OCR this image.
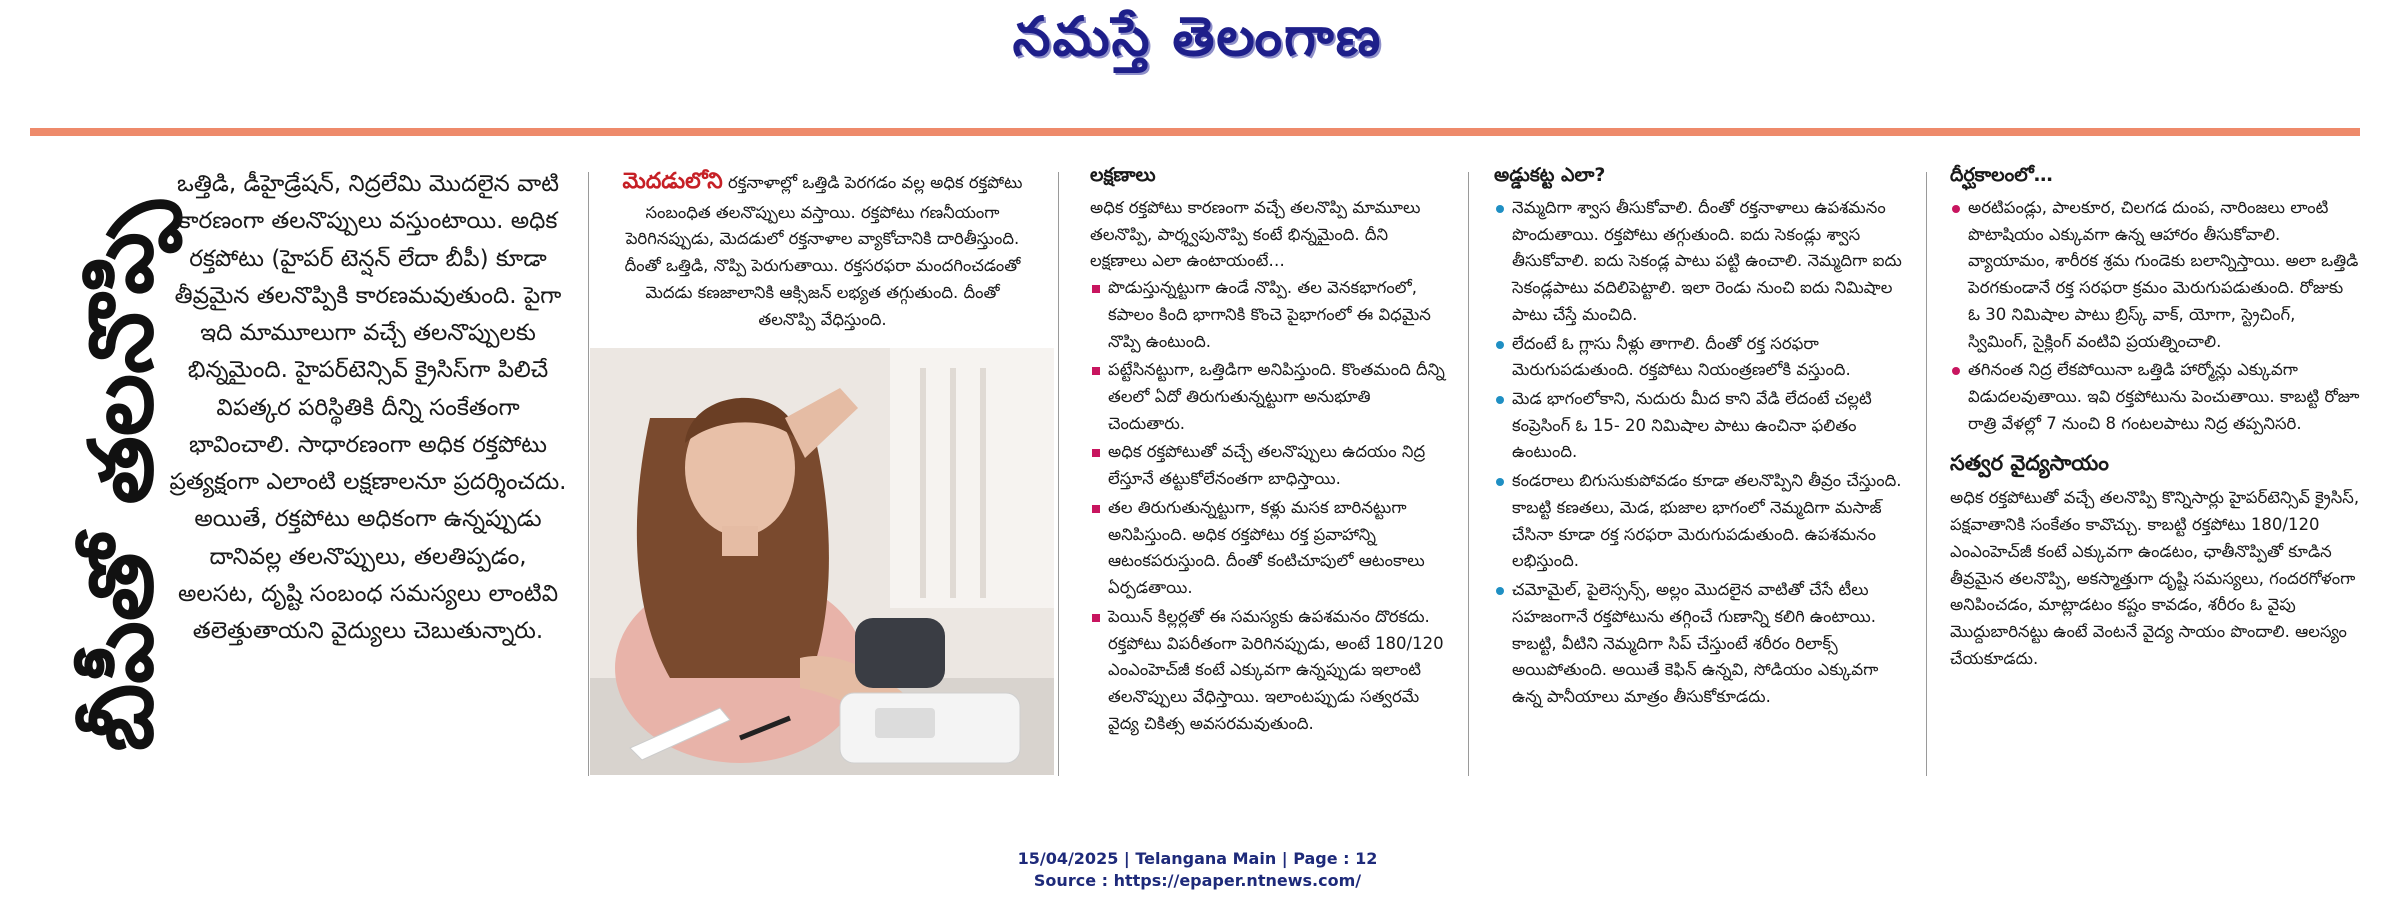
నమస్తే తెలంగాణ
బీపీతో తలనొప్పి
ఒత్తిడి, డీహైడ్రేషన్, నిద్రలేమి మొదలైన వాటి కారణంగా తలనొప్పులు వస్తుంటాయి. అధిక రక్తపోటు (హైపర్ టెన్షన్ లేదా బీపీ) కూడా తీవ్రమైన తలనొప్పికి కారణమవుతుంది. పైగా ఇది మామూలుగా వచ్చే తలనొప్పులకు భిన్నమైంది. హైపర్‌టెన్సివ్ క్రైసిస్‌గా పిలిచే విపత్కర పరిస్థితికి దీన్ని సంకేతంగా భావించాలి. సాధారణంగా అధిక రక్తపోటు ప్రత్యక్షంగా ఎలాంటి లక్షణాలనూ ప్రదర్శించదు. అయితే, రక్తపోటు అధికంగా ఉన్నప్పుడు దానివల్ల తలనొప్పులు, తలతిప్పడం, అలసట, దృష్టి సంబంధ సమస్యలు లాంటివి తలెత్తుతాయని వైద్యులు చెబుతున్నారు.
మెదడులోని రక్తనాళాల్లో ఒత్తిడి పెరగడం వల్ల అధిక రక్తపోటు సంబంధిత తలనొప్పులు వస్తాయి. రక్తపోటు గణనీయంగా పెరిగినప్పుడు, మెదడులో రక్తనాళాల వ్యాకోచానికి దారితీస్తుంది. దీంతో ఒత్తిడి, నొప్పి పెరుగుతాయి. రక్తసరఫరా మందగించడంతో మెదడు కణజాలానికి ఆక్సిజన్ లభ్యత తగ్గుతుంది. దీంతో తలనొప్పి వేధిస్తుంది.
లక్షణాలు
అధిక రక్తపోటు కారణంగా వచ్చే తలనొప్పి మామూలు తలనొప్పి, పార్శ్వపునొప్పి కంటే భిన్నమైంది. దీని లక్షణాలు ఎలా ఉంటాయంటే…
పొడుస్తున్నట్టుగా ఉండే నొప్పి. తల వెనకభాగంలో, కపాలం కింది భాగానికి కొంచె పైభాగంలో ఈ విధమైన నొప్పి ఉంటుంది.
పట్టేసినట్టుగా, ఒత్తిడిగా అనిపిస్తుంది. కొంతమంది దీన్ని తలలో ఏదో తిరుగుతున్నట్టుగా అనుభూతి చెందుతారు.
అధిక రక్తపోటుతో వచ్చే తలనొప్పులు ఉదయం నిద్ర లేస్తూనే తట్టుకోలేనంతగా బాధిస్తాయి.
తల తిరుగుతున్నట్టుగా, కళ్లు మసక బారినట్టుగా అనిపిస్తుంది. అధిక రక్తపోటు రక్త ప్రవాహాన్ని ఆటంకపరుస్తుంది. దీంతో కంటిచూపులో ఆటంకాలు ఏర్పడతాయి.
పెయిన్ కిల్లర్లతో ఈ సమస్యకు ఉపశమనం దొరకదు. రక్తపోటు విపరీతంగా పెరిగినప్పుడు, అంటే 180/120 ఎంఎంహెచ్‌జీ కంటే ఎక్కువగా ఉన్నప్పుడు ఇలాంటి తలనొప్పులు వేధిస్తాయి. ఇలాంటప్పుడు సత్వరమే వైద్య చికిత్స అవసరమవుతుంది.
అడ్డుకట్ట ఎలా?
నెమ్మదిగా శ్వాస తీసుకోవాలి. దీంతో రక్తనాళాలు ఉపశమనం పొందుతాయి. రక్తపోటు తగ్గుతుంది. ఐదు సెకండ్లు శ్వాస తీసుకోవాలి. ఐదు సెకండ్ల పాటు పట్టి ఉంచాలి. నెమ్మదిగా ఐదు సెకండ్లపాటు వదిలిపెట్టాలి. ఇలా రెండు నుంచి ఐదు నిమిషాల పాటు చేస్తే మంచిది.
లేదంటే ఓ గ్లాసు నీళ్లు తాగాలి. దీంతో రక్త సరఫరా మెరుగుపడుతుంది. రక్తపోటు నియంత్రణలోకి వస్తుంది.
మెడ భాగంలోకాని, నుదురు మీద కాని వేడి లేదంటే చల్లటి కంప్రెసింగ్ ఓ 15- 20 నిమిషాల పాటు ఉంచినా ఫలితం ఉంటుంది.
కండరాలు బిగుసుకుపోవడం కూడా తలనొప్పిని తీవ్రం చేస్తుంది. కాబట్టి కణతలు, మెడ, భుజాల భాగంలో నెమ్మదిగా మసాజ్ చేసినా కూడా రక్త సరఫరా మెరుగుపడుతుంది. ఉపశమనం లభిస్తుంది.
చమోమైల్, పైలెస్సన్స్, అల్లం మొదలైన వాటితో చేసే టీలు సహజంగానే రక్తపోటును తగ్గించే గుణాన్ని కలిగి ఉంటాయి. కాబట్టి, వీటిని నెమ్మదిగా సిప్ చేస్తుంటే శరీరం రిలాక్స్ అయిపోతుంది. అయితే కెఫిన్ ఉన్నవి, సోడియం ఎక్కువగా ఉన్న పానీయాలు మాత్రం తీసుకోకూడదు.
దీర్ఘకాలంలో…
అరటిపండ్లు, పాలకూర, చిలగడ దుంప, నారింజలు లాంటి పొటాషియం ఎక్కువగా ఉన్న ఆహారం తీసుకోవాలి. వ్యాయామం, శారీరక శ్రమ గుండెకు బలాన్నిస్తాయి. అలా ఒత్తిడి పెరగకుండానే రక్త సరఫరా క్రమం మెరుగుపడుతుంది. రోజుకు ఓ 30 నిమిషాల పాటు బ్రిస్క్ వాక్, యోగా, స్ట్రెచింగ్, స్విమింగ్, సైక్లింగ్ వంటివి ప్రయత్నించాలి.
తగినంత నిద్ర లేకపోయినా ఒత్తిడి హార్మోన్లు ఎక్కువగా విడుదలవుతాయి. ఇవి రక్తపోటును పెంచుతాయి. కాబట్టి రోజూ రాత్రి వేళల్లో 7 నుంచి 8 గంటలపాటు నిద్ర తప్పనిసరి.
సత్వర వైద్యసాయం
అధిక రక్తపోటుతో వచ్చే తలనొప్పి కొన్నిసార్లు హైపర్‌టెన్సివ్ క్రైసిస్, పక్షవాతానికి సంకేతం కావొచ్చు. కాబట్టి రక్తపోటు 180/120 ఎంఎంహెచ్‌జీ కంటే ఎక్కువగా ఉండటం, ఛాతీనొప్పితో కూడిన తీవ్రమైన తలనొప్పి, అకస్మాత్తుగా దృష్టి సమస్యలు, గందరగోళంగా అనిపించడం, మాట్లాడటం కష్టం కావడం, శరీరం ఓ వైపు మొద్దుబారినట్టు ఉంటే వెంటనే వైద్య సాయం పొందాలి. ఆలస్యం చేయకూడదు.
15/04/2025 | Telangana Main | Page : 12
Source : https://epaper.ntnews.com/
